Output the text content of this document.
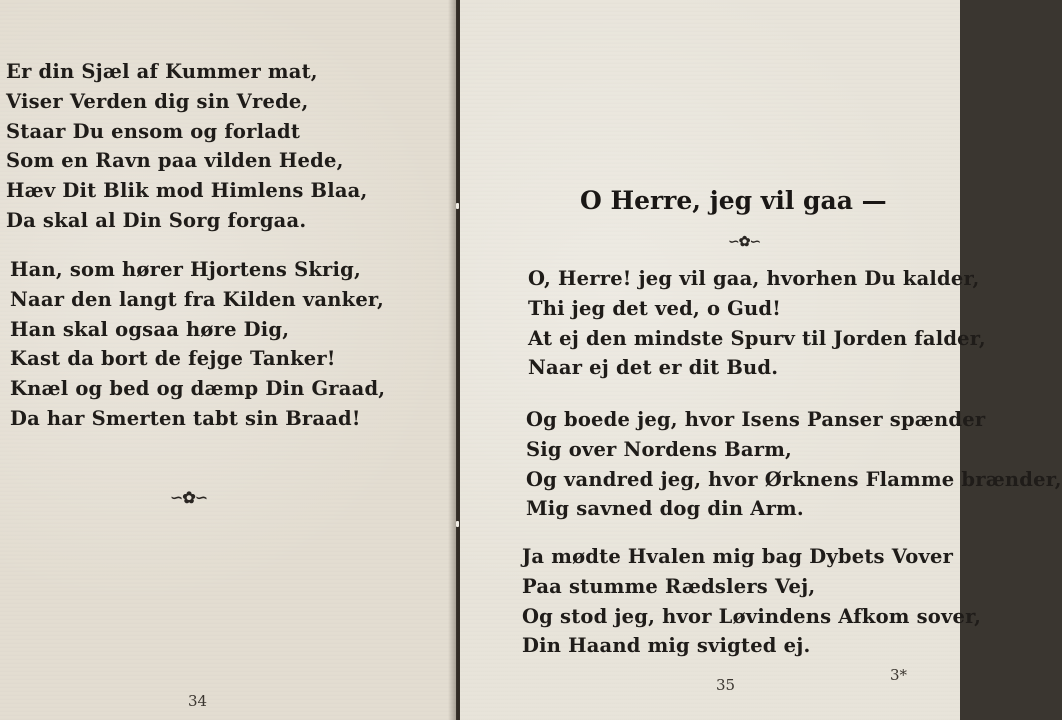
Er din Sjæl af Kummer mat,
Viser Verden dig sin Vrede,
Staar Du ensom og forladt
Som en Ravn paa vilden Hede,
Hæv Dit Blik mod Himlens Blaa,
Da skal al Din Sorg forgaa.
Han, som hører Hjortens Skrig,
Naar den langt fra Kilden vanker,
Han skal ogsaa høre Dig,
Kast da bort de fejge Tanker!
Knæl og bed og dæmp Din Graad,
Da har Smerten tabt sin Braad!
∽✿∽
34
O Herre, jeg vil gaa —
∽✿∽
O, Herre! jeg vil gaa, hvorhen Du kalder,
Thi jeg det ved, o Gud!
At ej den mindste Spurv til Jorden falder,
Naar ej det er dit Bud.
Og boede jeg, hvor Isens Panser spænder
Sig over Nordens Barm,
Og vandred jeg, hvor Ørknens Flamme brænder,
Mig savned dog din Arm.
Ja mødte Hvalen mig bag Dybets Vover
Paa stumme Rædslers Vej,
Og stod jeg, hvor Løvindens Afkom sover,
Din Haand mig svigted ej.
35
3*
